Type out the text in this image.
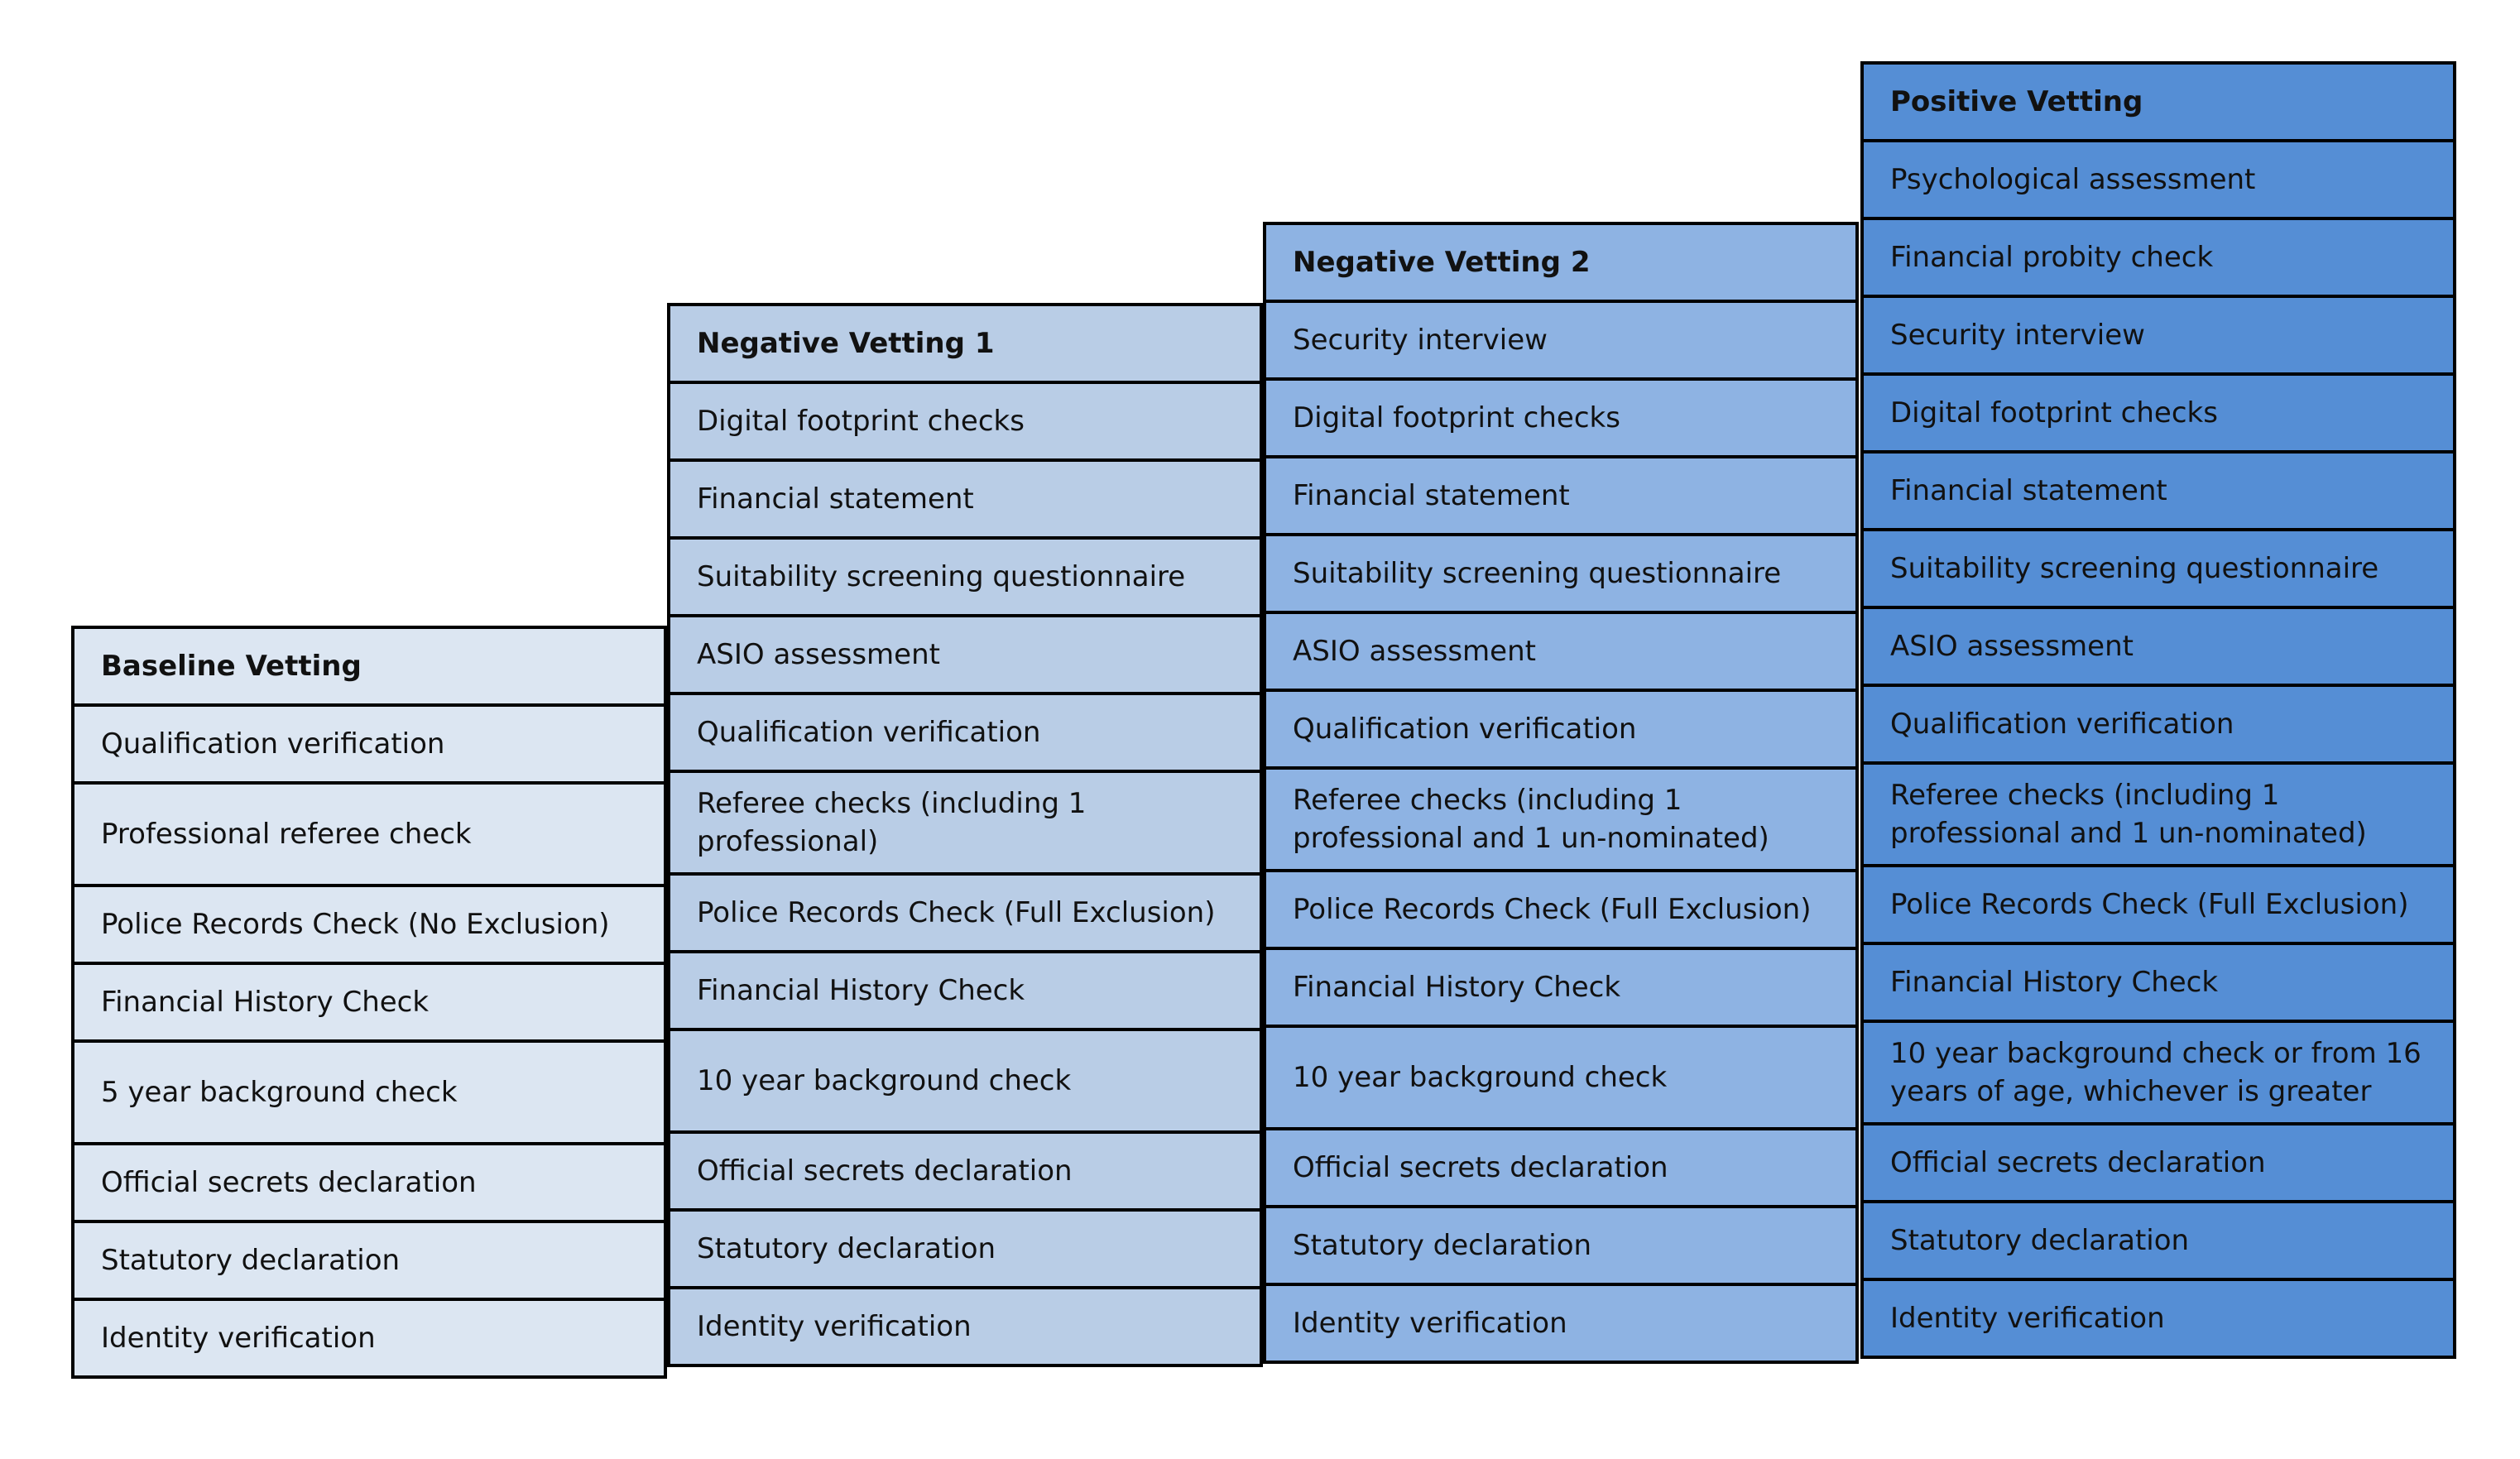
Baseline Vetting
Qualification verification
Professional referee check
Police Records Check (No Exclusion)
Financial History Check
5 year background check
Official secrets declaration
Statutory declaration
Identity verification
Negative Vetting 1
Digital footprint checks
Financial statement
Suitability screening questionnaire
ASIO assessment
Qualification verification
Referee checks (including 1 professional)
Police Records Check (Full Exclusion)
Financial History Check
10 year background check
Official secrets declaration
Statutory declaration
Identity verification
Negative Vetting 2
Security interview
Digital footprint checks
Financial statement
Suitability screening questionnaire
ASIO assessment
Qualification verification
Referee checks (including 1 professional and 1 un-nominated)
Police Records Check (Full Exclusion)
Financial History Check
10 year background check
Official secrets declaration
Statutory declaration
Identity verification
Positive Vetting
Psychological assessment
Financial probity check
Security interview
Digital footprint checks
Financial statement
Suitability screening questionnaire
ASIO assessment
Qualification verification
Referee checks (including 1 professional and 1 un-nominated)
Police Records Check (Full Exclusion)
Financial History Check
10 year background check or from 16 years of age, whichever is greater
Official secrets declaration
Statutory declaration
Identity verification
